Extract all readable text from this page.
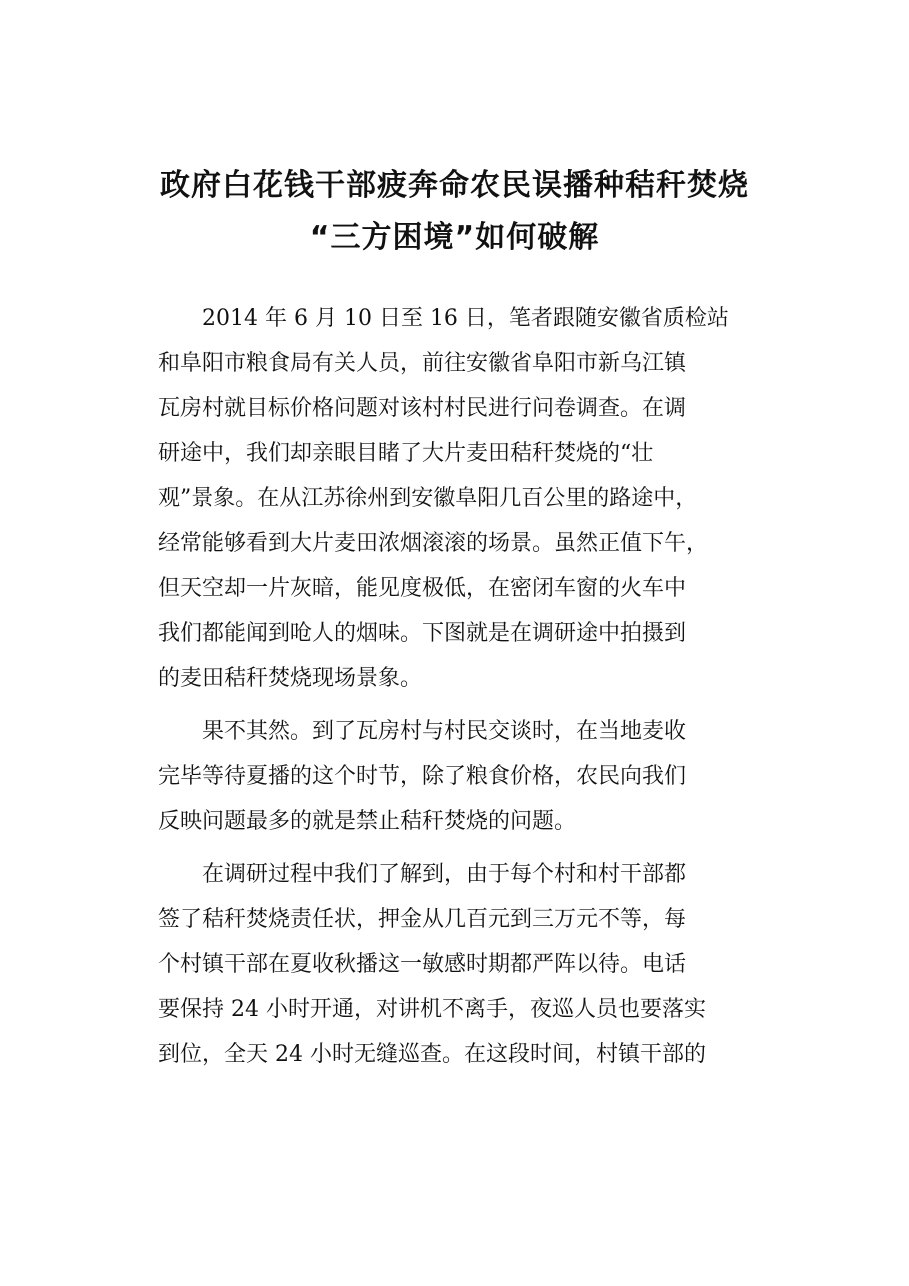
政府白花钱干部疲奔命农民误播种秸秆焚烧
“三方困境”如何破解
　　2014 年 6 月 10 日至 16 日，笔者跟随安徽省质检站
和阜阳市粮食局有关人员，前往安徽省阜阳市新乌江镇
瓦房村就目标价格问题对该村村民进行问卷调查。在调
研途中，我们却亲眼目睹了大片麦田秸秆焚烧的“壮
观”景象。在从江苏徐州到安徽阜阳几百公里的路途中，
经常能够看到大片麦田浓烟滚滚的场景。虽然正值下午，
但天空却一片灰暗，能见度极低，在密闭车窗的火车中
我们都能闻到呛人的烟味。下图就是在调研途中拍摄到
的麦田秸秆焚烧现场景象。
　　果不其然。到了瓦房村与村民交谈时，在当地麦收
完毕等待夏播的这个时节，除了粮食价格，农民向我们
反映问题最多的就是禁止秸秆焚烧的问题。
　　在调研过程中我们了解到，由于每个村和村干部都
签了秸秆焚烧责任状，押金从几百元到三万元不等，每
个村镇干部在夏收秋播这一敏感时期都严阵以待。电话
要保持 24 小时开通，对讲机不离手，夜巡人员也要落实
到位，全天 24 小时无缝巡查。在这段时间，村镇干部的
